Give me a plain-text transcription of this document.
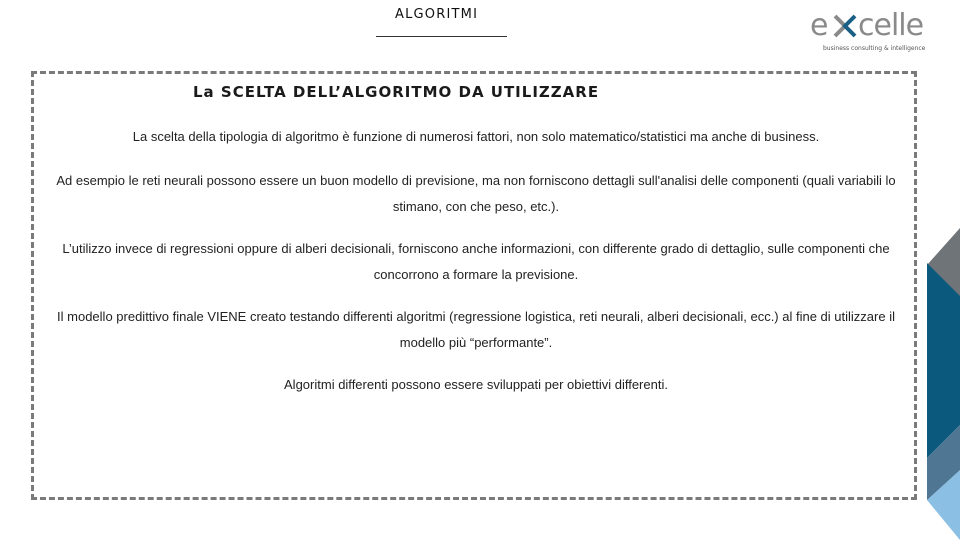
ALGORITMI	e celle
business consulting & intelligence
La SCELTA DELL’ALGORITMO DA UTILIZZARE
La scelta della tipologia di algoritmo è funzione di numerosi fattori, non solo matematico/statistici ma anche di business.
Ad esempio le reti neurali possono essere un buon modello di previsione, ma non forniscono dettagli sull'analisi delle componenti (quali variabili lo stimano, con che peso, etc.).
L’utilizzo invece di regressioni oppure di alberi decisionali, forniscono anche informazioni, con differente grado di dettaglio, sulle componenti che concorrono a formare la previsione.
Il modello predittivo finale VIENE creato testando differenti algoritmi (regressione logistica, reti neurali, alberi decisionali, ecc.) al fine di utilizzare il modello più “performante”.
Algoritmi differenti possono essere sviluppati per obiettivi differenti.
